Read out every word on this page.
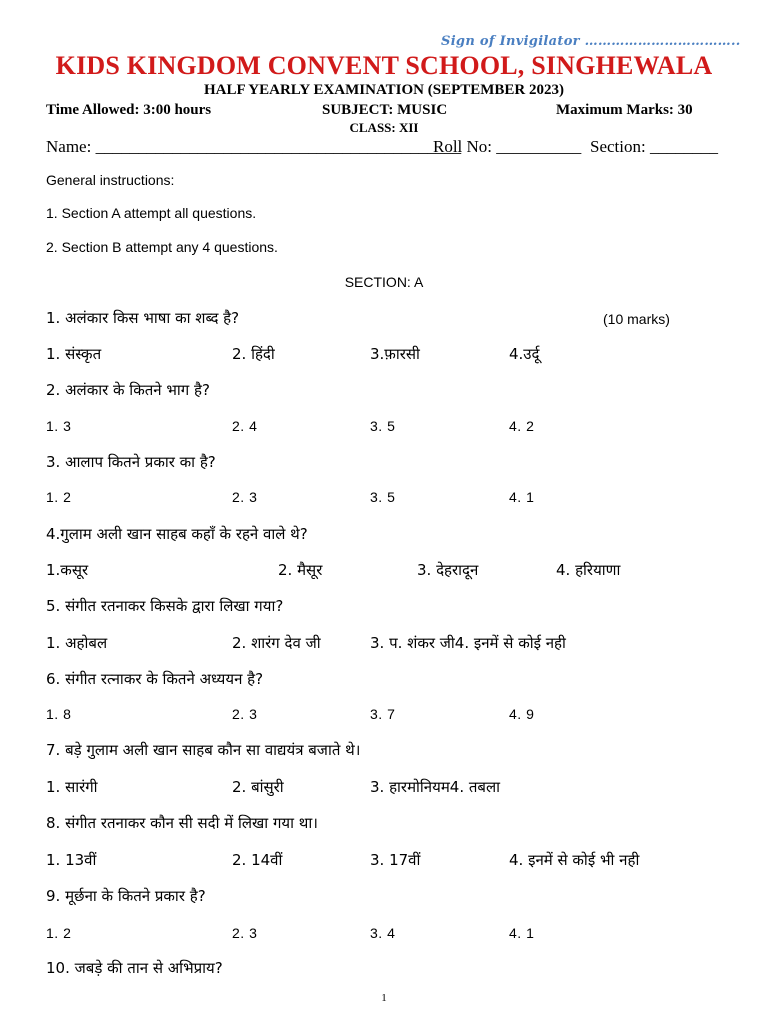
Sign of Invigilator ……………………………..
KIDS KINGDOM CONVENT SCHOOL, SINGHEWALA
HALF YEARLY EXAMINATION (SEPTEMBER 2023)
Time Allowed: 3:00 hours	SUBJECT: MUSIC	Maximum Marks: 30
CLASS: XII
Name: ___________________________________________
Roll No: __________ Section: ________
General instructions:
1. Section A attempt all questions.
2. Section B attempt any 4 questions.
SECTION: A
1. अलंकार किस भाषा का शब्द है?	(10 marks)
1. संस्कृत	2. हिंदी	3.फ़ारसी	4.उर्दू
2. अलंकार के कितने भाग है?
1. 3	2. 4	3. 5	4. 2
3. आलाप कितने प्रकार का है?
1. 2	2. 3	3. 5	4. 1
4.गुलाम अली खान साहब कहाँ के रहने वाले थे?
1.कसूर	2. मैसूर	3. देहरादून	4. हरियाणा
5. संगीत रतनाकर किसके द्वारा लिखा गया?
1. अहोबल	2. शारंग देव जी	3. प. शंकर जी4. इनमें से कोई नही
6. संगीत रत्नाकर के कितने अध्ययन है?
1. 8	2. 3	3. 7	4. 9
7. बड़े गुलाम अली खान साहब कौन सा वाद्ययंत्र बजाते थे।
1. सारंगी	2. बांसुरी	3. हारमोनियम4. तबला
8. संगीत रतनाकर कौन सी सदी में लिखा गया था।
1. 13वीं	2. 14वीं	3. 17वीं	4. इनमें से कोई भी नही
9. मूर्छना के कितने प्रकार है?
1. 2	2. 3	3. 4	4. 1
10. जबड़े की तान से अभिप्राय?
1
